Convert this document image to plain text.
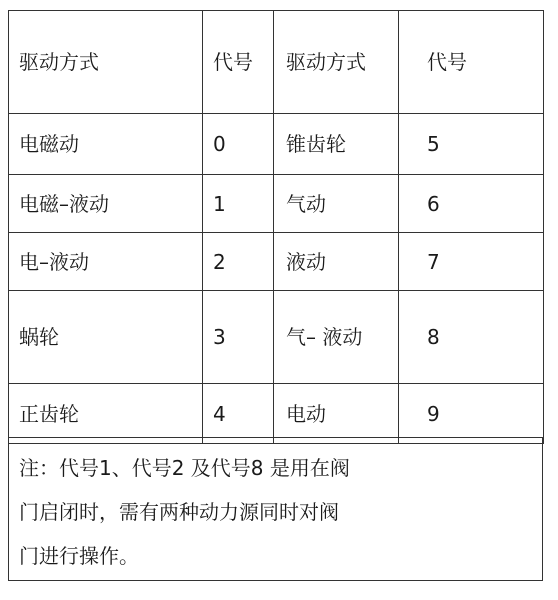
驱动方式	代号	驱动方式	代号
电磁动	0	锥齿轮	5
电磁–液动	1	气动	6
电–液动	2	液动	7
蜗轮	3	气– 液动	8
正齿轮	4	电动	9
注：代号1、代号2 及代号8 是用在阀
门启闭时，需有两种动力源同时对阀
门进行操作。
